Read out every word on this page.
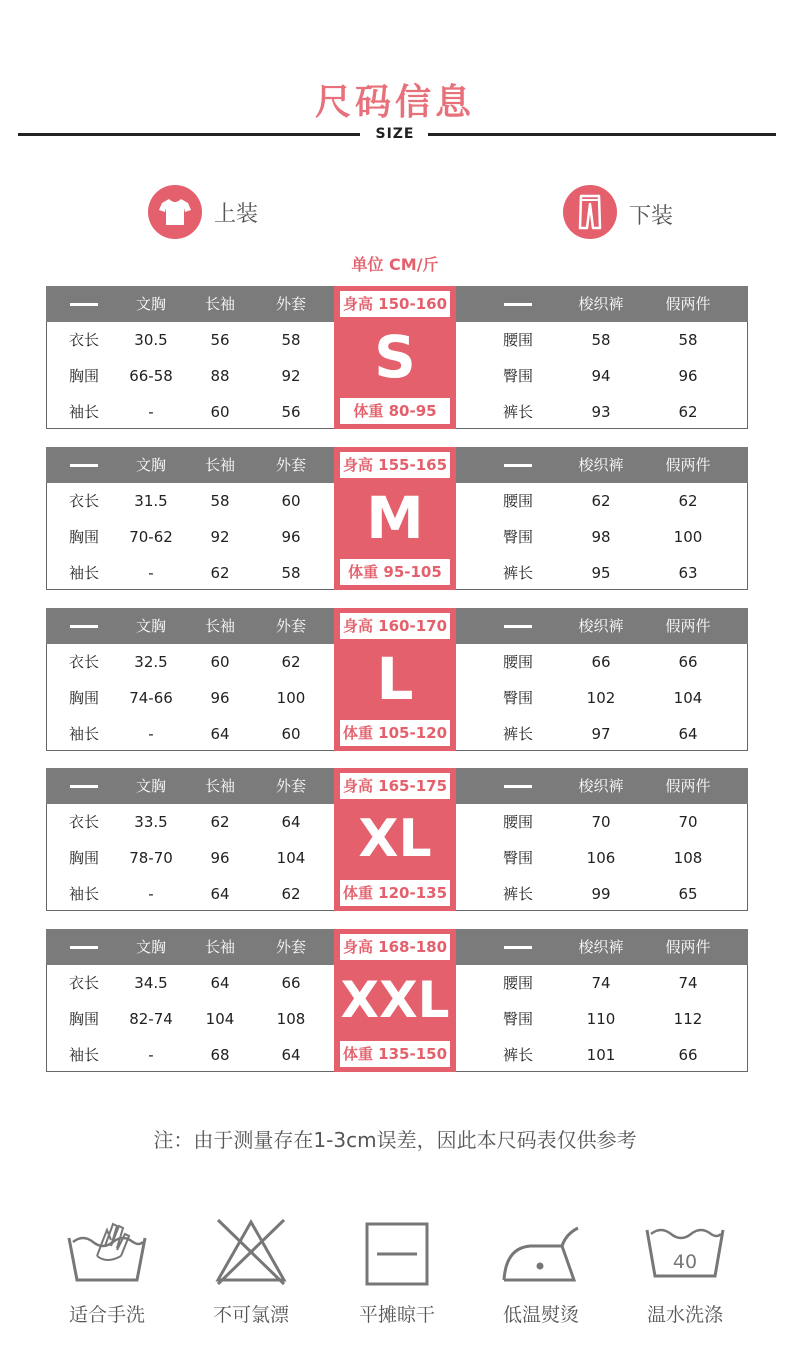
尺码信息
SIZE
上装	下装
单位 CM/斤
文胸	长袖	外套	梭织裤	假两件
衣长	30.5	56	58	腰围	58	58
胸围	66-58	88	92	臀围	94	96
袖长	-	60	56	裤长	93	62
身高 150-160
S
体重 80-95
文胸	长袖	外套	梭织裤	假两件
衣长	31.5	58	60	腰围	62	62
胸围	70-62	92	96	臀围	98	100
袖长	-	62	58	裤长	95	63
身高 155-165
M
体重 95-105
文胸	长袖	外套	梭织裤	假两件
衣长	32.5	60	62	腰围	66	66
胸围	74-66	96	100	臀围	102	104
袖长	-	64	60	裤长	97	64
身高 160-170
L
体重 105-120
文胸	长袖	外套	梭织裤	假两件
衣长	33.5	62	64	腰围	70	70
胸围	78-70	96	104	臀围	106	108
袖长	-	64	62	裤长	99	65
身高 165-175
XL
体重 120-135
文胸	长袖	外套	梭织裤	假两件
衣长	34.5	64	66	腰围	74	74
胸围	82-74	104	108	臀围	110	112
袖长	-	68	64	裤长	101	66
身高 168-180
XXL
体重 135-150
注：由于测量存在1-3cm误差，因此本尺码表仅供参考
适合手洗	不可氯漂	平摊晾干	低温熨烫
40
温水洗涤
